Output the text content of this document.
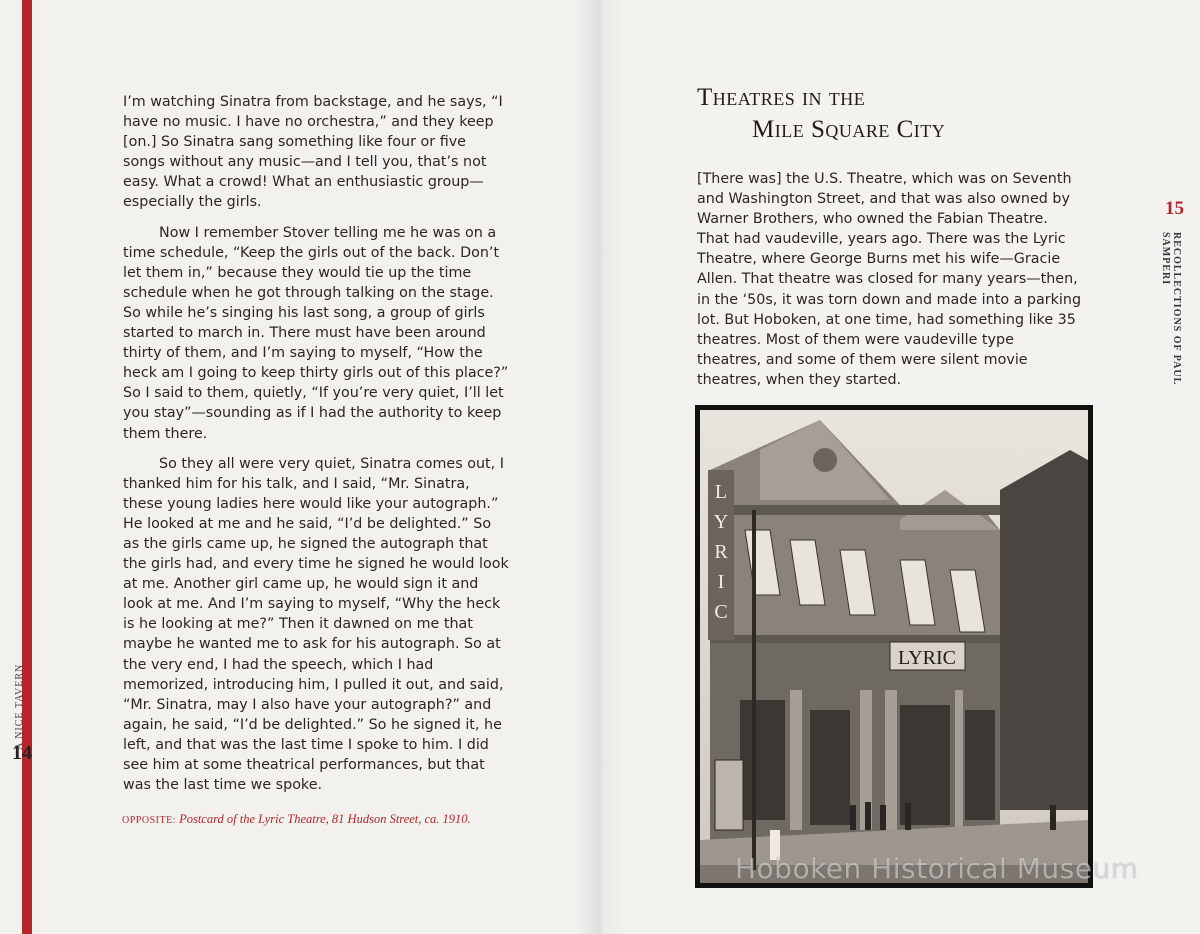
A NICE TAVERN
14

I’m watching Sinatra from backstage, and he says, “I have no music. I have no orchestra,” and they keep [on.] So Sinatra sang something like four or five songs without any music—and I tell you, that’s not easy. What a crowd! What an enthusiastic group—especially the girls.

Now I remember Stover telling me he was on a time schedule, “Keep the girls out of the back. Don’t let them in,” because they would tie up the time schedule when he got through talking on the stage. So while he’s singing his last song, a group of girls started to march in. There must have been around thirty of them, and I’m saying to myself, “How the heck am I going to keep thirty girls out of this place?” So I said to them, quietly, “If you’re very quiet, I’ll let you stay”—sounding as if I had the authority to keep them there.

So they all were very quiet, Sinatra comes out, I thanked him for his talk, and I said, “Mr. Sinatra, these young ladies here would like your autograph.” He looked at me and he said, “I’d be delighted.” So as the girls came up, he signed the autograph that the girls had, and every time he signed he would look at me. Another girl came up, he would sign it and look at me. And I’m saying to myself, “Why the heck is he looking at me?” Then it dawned on me that maybe he wanted me to ask for his autograph. So at the very end, I had the speech, which I had memorized, introducing him, I pulled it out, and said, “Mr. Sinatra, may I also have your autograph?” and again, he said, “I’d be delighted.” So he signed it, he left, and that was the last time I spoke to him. I did see him at some theatrical performances, but that was the last time we spoke.

OPPOSITE: Postcard of the Lyric Theatre, 81 Hudson Street, ca. 1910.
Theatres in the
Mile Square City

[There was] the U.S. Theatre, which was on Seventh and Washington Street, and that was also owned by Warner Brothers, who owned the Fabian Theatre. That had vaudeville, years ago. There was the Lyric Theatre, where George Burns met his wife—Gracie Allen. That theatre was closed for many years—then, in the ‘50s, it was torn down and made into a parking lot. But Hoboken, at one time, had something like 35 theatres. Most of them were vaudeville type theatres, and some of them were silent movie theatres, when they started.

15
RECOLLECTIONS OF PAUL SAMPERI
L
Y
R
I
C
LYRIC
Hoboken Historical Museum
